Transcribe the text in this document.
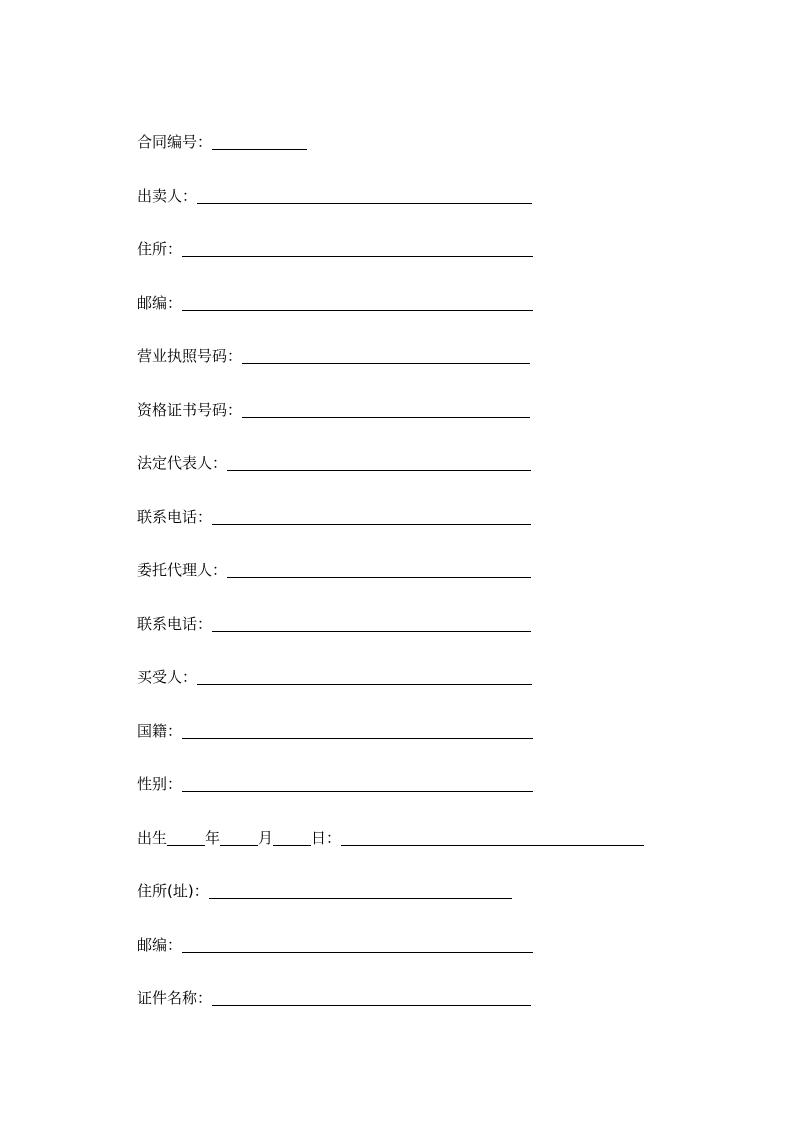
合同编号：
出卖人：
住所：
邮编：
营业执照号码：
资格证书号码：
法定代表人：
联系电话：
委托代理人：
联系电话：
买受人：
国籍：
性别：
出生	年	月	日：
住所(址)：
邮编：
证件名称：
